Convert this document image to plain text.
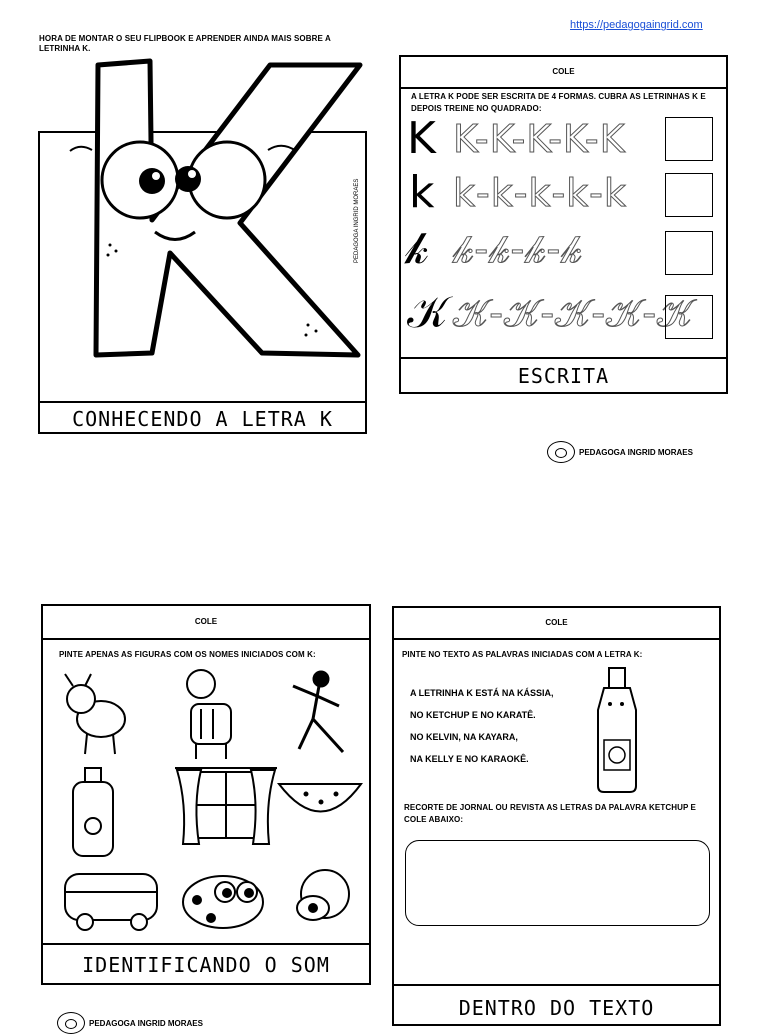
https://pedagogaingrid.com
HORA DE MONTAR O SEU FLIPBOOK E APRENDER AINDA MAIS SOBRE A LETRINHA K.
PEDAGOGA INGRID MORAES
CONHECENDO A LETRA K
COLE
A LETRA K PODE SER ESCRITA DE 4 FORMAS. CUBRA AS LETRINHAS K E DEPOIS TREINE NO QUADRADO:
K K-K-K-K-K
k k-k-k-k-k
𝓀 𝓀-𝓀-𝓀-𝓀
𝒦 𝒦-𝒦-𝒦-𝒦-𝒦
ESCRITA
PEDAGOGA INGRID MORAES
COLE
PINTE APENAS AS FIGURAS COM OS NOMES INICIADOS COM K:
IDENTIFICANDO O SOM
COLE
PINTE NO TEXTO AS PALAVRAS INICIADAS COM A LETRA K:
A LETRINHA K ESTÁ NA KÁSSIA,
NO KETCHUP E NO KARATÊ.
NO KELVIN, NA KAYARA,
NA KELLY E NO KARAOKÊ.
RECORTE DE JORNAL OU REVISTA AS LETRAS DA PALAVRA KETCHUP E COLE ABAIXO:
DENTRO DO TEXTO
PEDAGOGA INGRID MORAES
